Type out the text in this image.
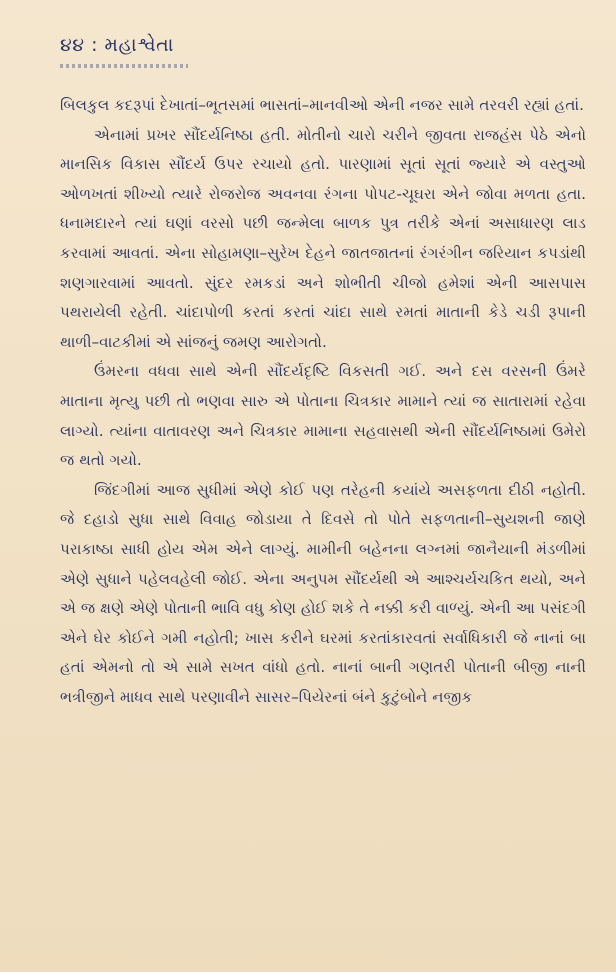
૪૪ : મહાશ્વેતા

બિલકુલ કદરૂપાં દેખાતાં–ભૂતસમાં ભાસતાં–માનવીઓ એની નજર સામે તરવરી રહ્યાં હતાં.

એનામાં પ્રખર સૌંદર્યનિષ્ઠા હતી. મોતીનો ચારો ચરીને જીવતા રાજહંસ પેઠે એનો માનસિક વિકાસ સૌંદર્ય ઉપર રચાયો હતો. પારણામાં સૂતાં સૂતાં જ્યારે એ વસ્તુઓ ઓળખતાં શીખ્યો ત્યારે રોજરોજ અવનવા રંગના પોપટ-ચૂઘરા એને જોવા મળતા હતા. ધનામદારને ત્યાં ઘણાં વરસો પછી જન્મેલા બાળક પુત્ર તરીકે એનાં અસાધારણ લાડ કરવામાં આવતાં. એના સોહામણા–સુરેખ દેહને જાતજાતનાં રંગરંગીન જરિયાન કપડાંથી શણગારવામાં આવતો. સુંદર રમકડાં અને શોભીતી ચીજો હમેશાં એની આસપાસ પથરાયેલી રહેતી. ચાંદાપોળી કરતાં કરતાં ચાંદા સાથે રમતાં માતાની કેડે ચડી રૂપાની થાળી–વાટકીમાં એ સાંજનું જમણ આરોગતો.

ઉંમરના વધવા સાથે એની સૌંદર્યદૃષ્ટિ વિકસતી ગઈ. અને દસ વરસની ઉંમરે માતાના મૃત્યુ પછી તો ભણવા સારુ એ પોતાના ચિત્રકાર મામાને ત્યાં જ સાતારામાં રહેવા લાગ્યો. ત્યાંના વાતાવરણ અને ચિત્રકાર મામાના સહવાસથી એની સૌંદર્યનિષ્ઠામાં ઉમેરો જ થતો ગયો.

જિંદગીમાં આજ સુધીમાં એણે કોઈ પણ તરેહની કયાંયે અસફળતા દીઠી નહોતી. જે દહાડો સુધા સાથે વિવાહ જોડાયા તે દિવસે તો પોતે સફળતાની–સુયશની જાણે પરાકાષ્ઠા સાધી હોય એમ એને લાગ્યું. મામીની બહેનના લગ્નમાં જાનૈયાની મંડળીમાં એણે સુધાને પહેલવહેલી જોઈ. એના અનુપમ સૌંદર્યથી એ આશ્ચર્યચકિત થયો, અને એ જ ક્ષણે એણે પોતાની ભાવિ વધુ કોણ હોઈ શકે તે નક્કી કરી વાળ્યું. એની આ પસંદગી એને ઘેર કોઈને ગમી નહોતી; ખાસ કરીને ઘરમાં કરતાંકારવતાં સર્વાધિકારી જે નાનાં બા હતાં એમનો તો એ સામે સખત વાંધો હતો. નાનાં બાની ગણતરી પોતાની બીજી નાની ભત્રીજીને માધવ સાથે પરણાવીને સાસર–પિયેરનાં બંને કુટુંબોને નજીક
